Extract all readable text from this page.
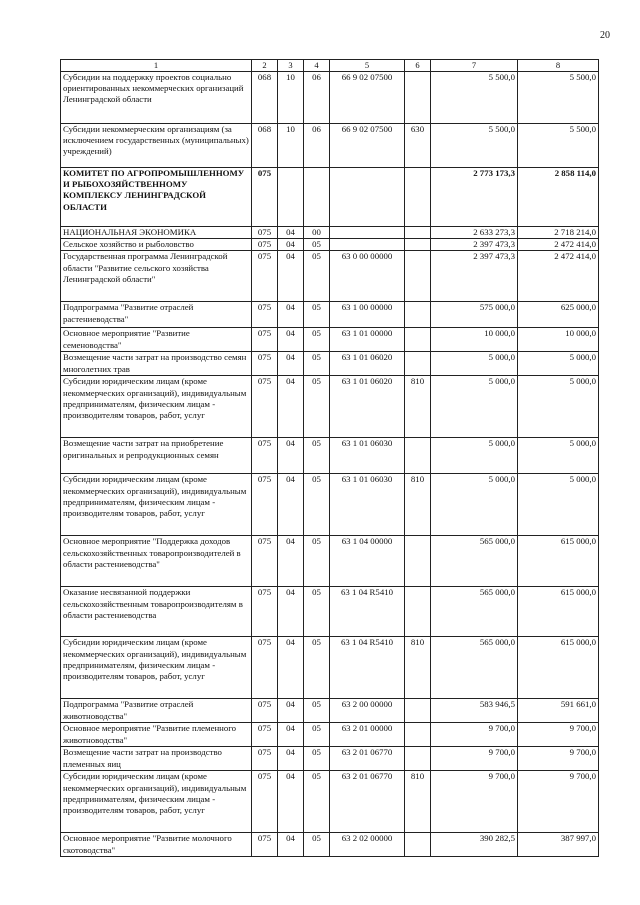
20
1	2	3	4	5	6	7	8
Субсидии на поддержку проектов социально ориентированных некоммерческих организаций Ленинградской области	068	10	06	66 9 02 07500		5 500,0	5 500,0
Субсидии некоммерческим организациям (за исключением государственных (муниципальных) учреждений)	068	10	06	66 9 02 07500	630	5 500,0	5 500,0
КОМИТЕТ ПО АГРОПРОМЫШЛЕННОМУ И РЫБОХОЗЯЙСТВЕННОМУ КОМПЛЕКСУ ЛЕНИНГРАДСКОЙ ОБЛАСТИ	075					2 773 173,3	2 858 114,0
НАЦИОНАЛЬНАЯ ЭКОНОМИКА	075	04	00			2 633 273,3	2 718 214,0
Сельское хозяйство и рыболовство	075	04	05			2 397 473,3	2 472 414,0
Государственная программа Ленинградской области "Развитие сельского хозяйства Ленинградской области"	075	04	05	63 0 00 00000		2 397 473,3	2 472 414,0
Подпрограмма "Развитие отраслей растениеводства"	075	04	05	63 1 00 00000		575 000,0	625 000,0
Основное мероприятие "Развитие семеноводства"	075	04	05	63 1 01 00000		10 000,0	10 000,0
Возмещение части затрат на производство семян многолетних трав	075	04	05	63 1 01 06020		5 000,0	5 000,0
Субсидии юридическим лицам (кроме некоммерческих организаций), индивидуальным предпринимателям, физическим лицам - производителям товаров, работ, услуг	075	04	05	63 1 01 06020	810	5 000,0	5 000,0
Возмещение части затрат на приобретение оригинальных и репродукционных семян	075	04	05	63 1 01 06030		5 000,0	5 000,0
Субсидии юридическим лицам (кроме некоммерческих организаций), индивидуальным предпринимателям, физическим лицам - производителям товаров, работ, услуг	075	04	05	63 1 01 06030	810	5 000,0	5 000,0
Основное мероприятие "Поддержка доходов сельскохозяйственных товаропроизводителей в области растениеводства"	075	04	05	63 1 04 00000		565 000,0	615 000,0
Оказание несвязанной поддержки сельскохозяйственным товаропроизводителям в области растениеводства	075	04	05	63 1 04 R5410		565 000,0	615 000,0
Субсидии юридическим лицам (кроме некоммерческих организаций), индивидуальным предпринимателям, физическим лицам - производителям товаров, работ, услуг	075	04	05	63 1 04 R5410	810	565 000,0	615 000,0
Подпрограмма "Развитие отраслей животноводства"	075	04	05	63 2 00 00000		583 946,5	591 661,0
Основное мероприятие "Развитие племенного животноводства"	075	04	05	63 2 01 00000		9 700,0	9 700,0
Возмещение части затрат на производство племенных яиц	075	04	05	63 2 01 06770		9 700,0	9 700,0
Субсидии юридическим лицам (кроме некоммерческих организаций), индивидуальным предпринимателям, физическим лицам - производителям товаров, работ, услуг	075	04	05	63 2 01 06770	810	9 700,0	9 700,0
Основное мероприятие "Развитие молочного скотоводства"	075	04	05	63 2 02 00000		390 282,5	387 997,0
